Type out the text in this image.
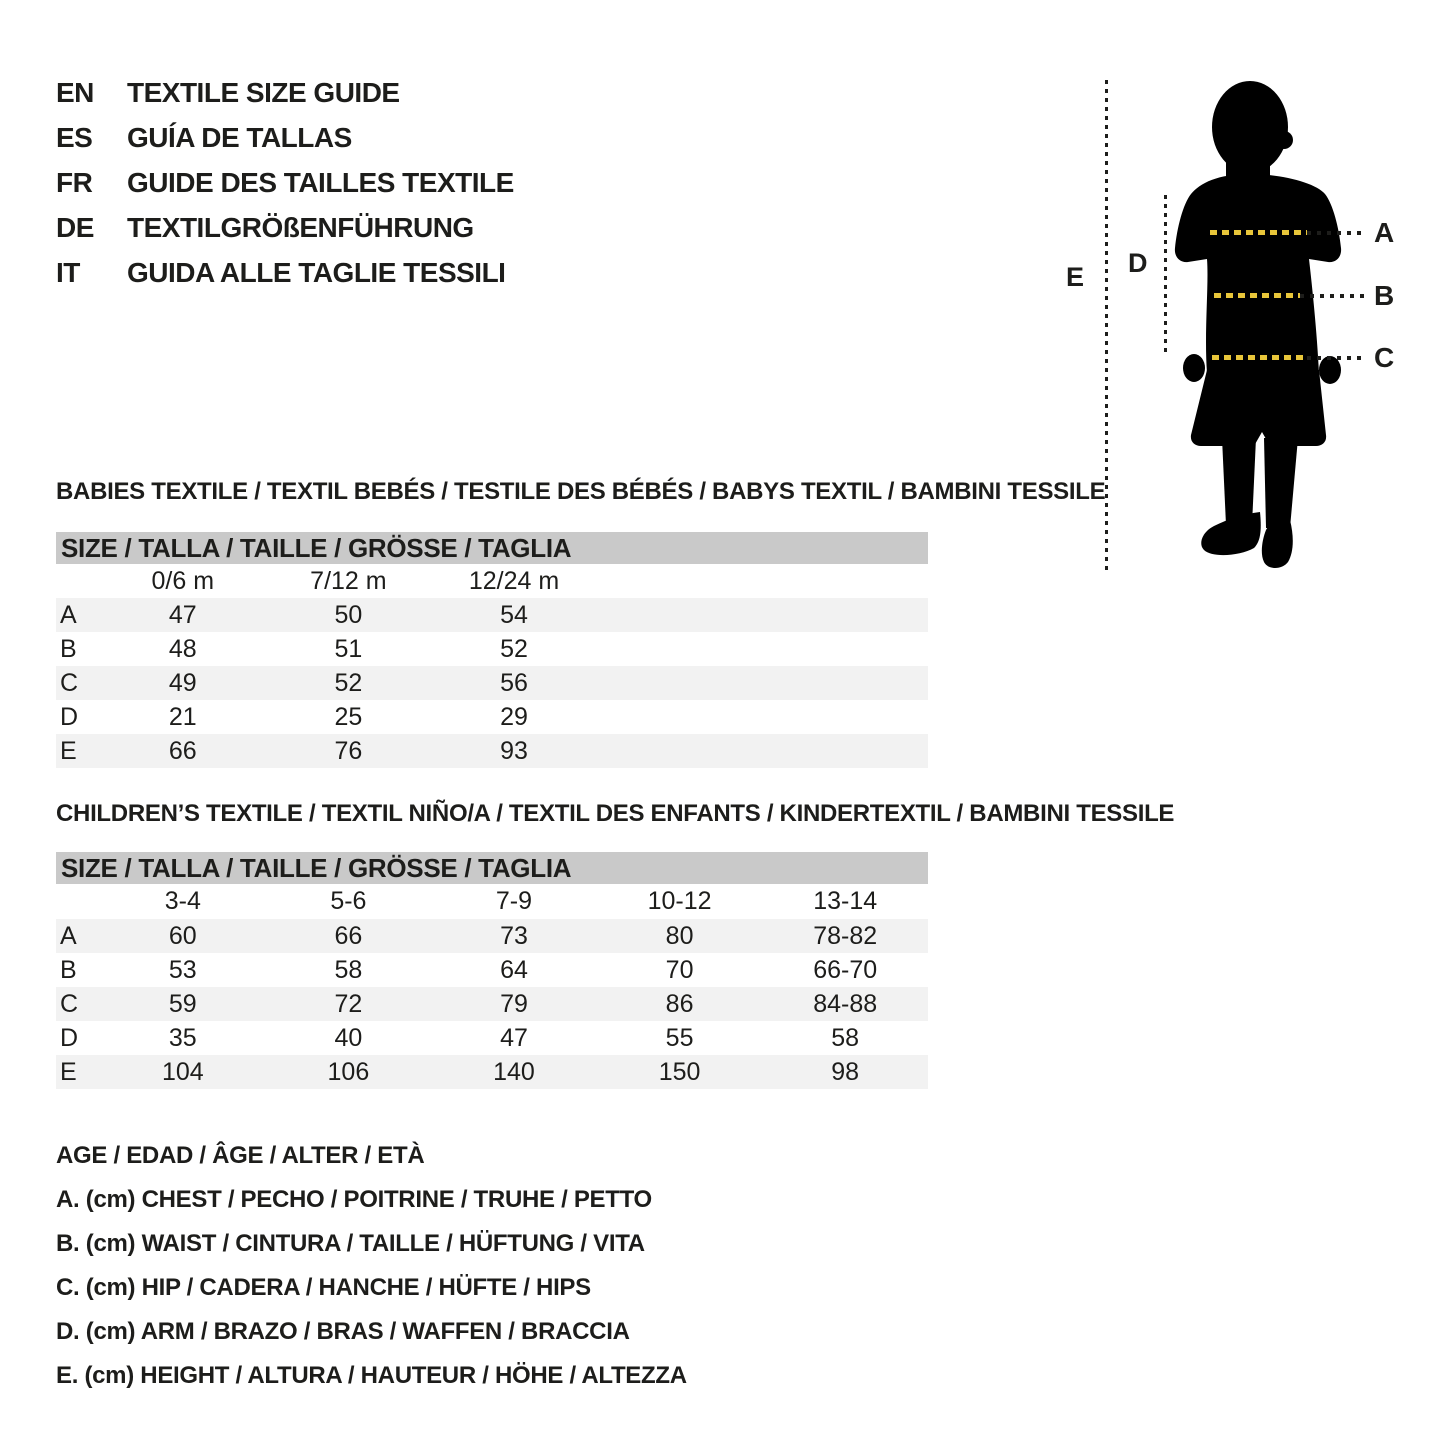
EN	TEXTILE SIZE GUIDE
ES	GUÍA DE TALLAS
FR	GUIDE DES TAILLES TEXTILE
DE	TEXTILGRÖßENFÜHRUNG
IT	GUIDA ALLE TAGLIE TESSILI	E D
A
B
C
BABIES TEXTILE / TEXTIL BEBÉS / TESTILE DES BÉBÉS / BABYS TEXTIL / BAMBINI TESSILE
SIZE / TALLA / TAILLE / GRÖSSE / TAGLIA
0/6 m	7/12 m	12/24 m
A	47	50	54
B	48	51	52
C	49	52	56
D	21	25	29
E	66	76	93
CHILDREN’S TEXTILE / TEXTIL NIÑO/A / TEXTIL DES ENFANTS / KINDERTEXTIL / BAMBINI TESSILE
SIZE / TALLA / TAILLE / GRÖSSE / TAGLIA
3-4	5-6	7-9	10-12	13-14
A	60	66	73	80	78-82
B	53	58	64	70	66-70
C	59	72	79	86	84-88
D	35	40	47	55	58
E	104	106	140	150	98
AGE / EDAD / ÂGE / ALTER / ETÀ
A. (cm) CHEST / PECHO / POITRINE / TRUHE / PETTO
B. (cm) WAIST / CINTURA / TAILLE / HÜFTUNG / VITA
C. (cm) HIP / CADERA / HANCHE / HÜFTE / HIPS
D. (cm) ARM / BRAZO / BRAS / WAFFEN / BRACCIA
E. (cm) HEIGHT / ALTURA / HAUTEUR / HÖHE / ALTEZZA
